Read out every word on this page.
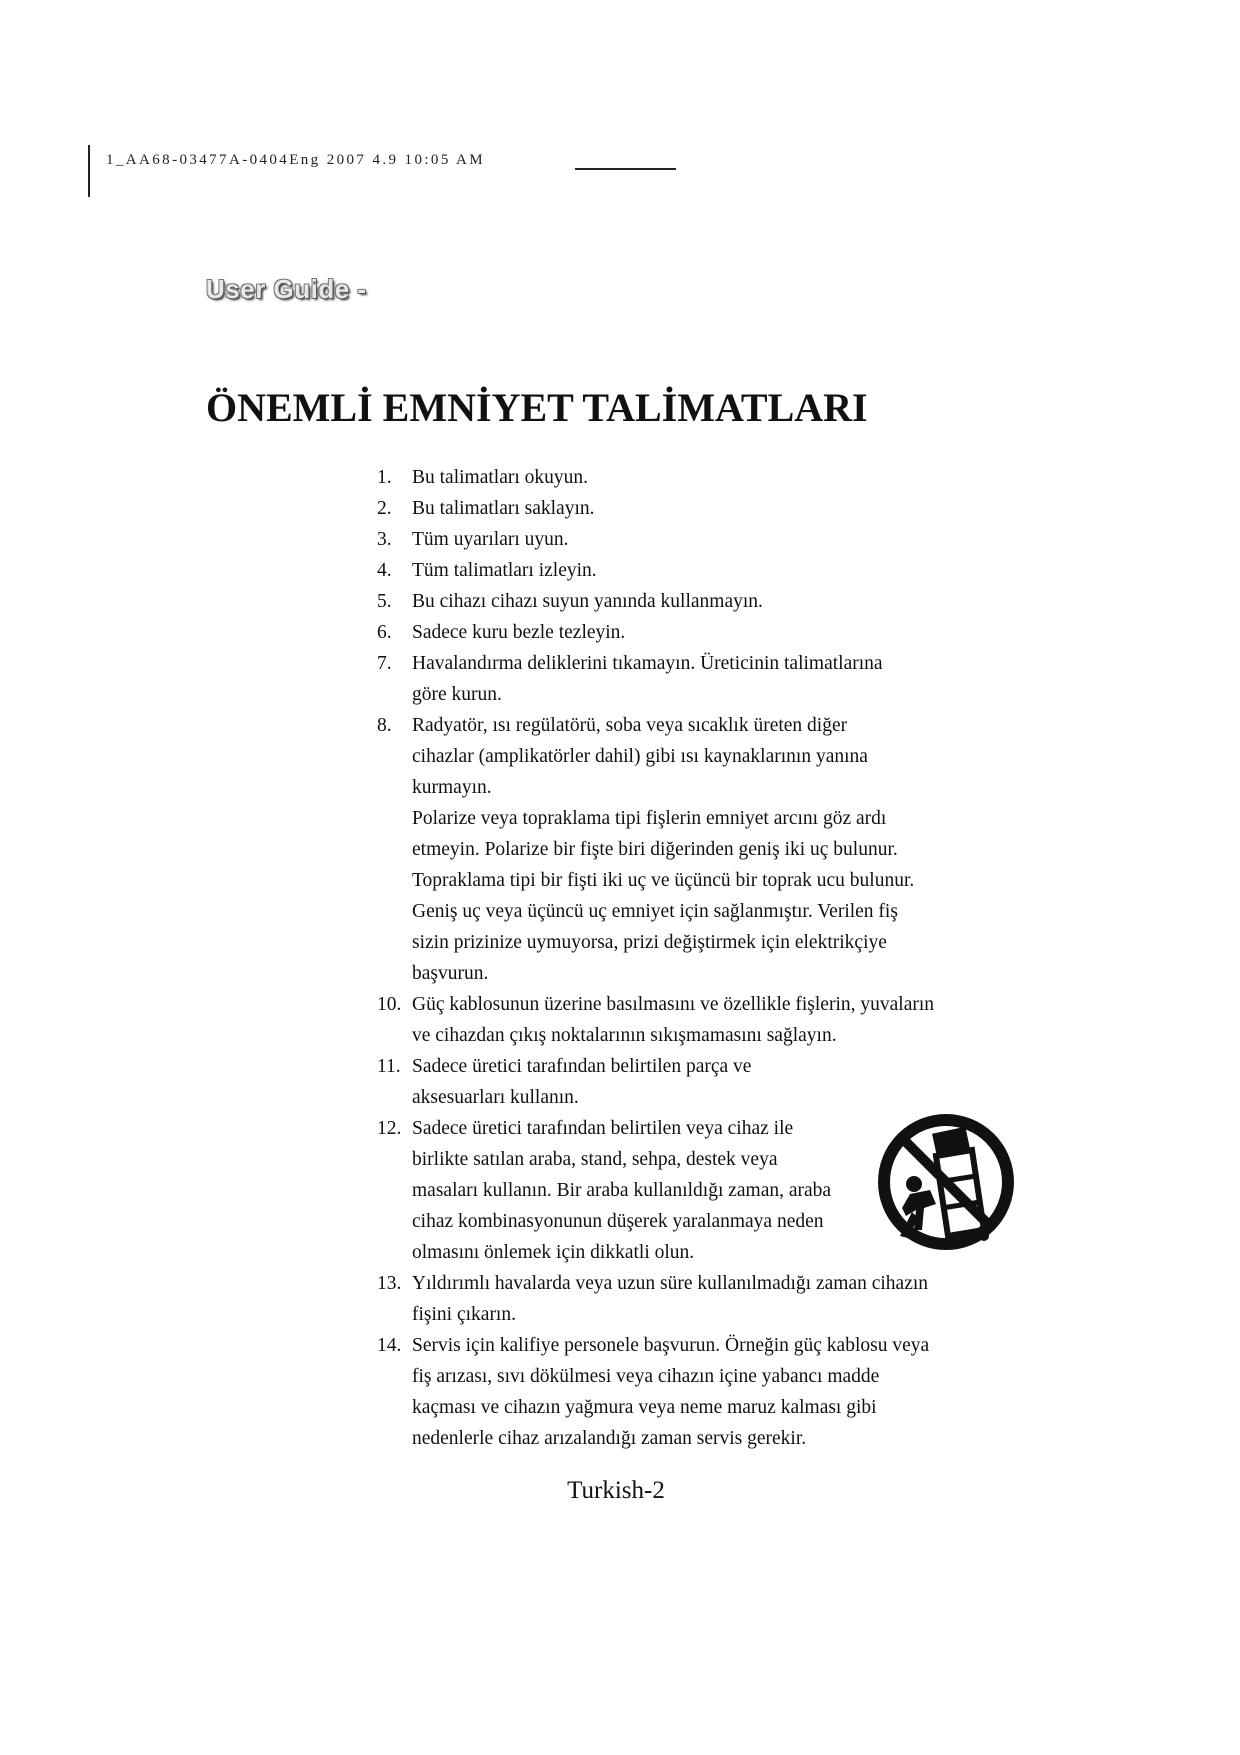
1_AA68-03477A-0404Eng 2007 4.9 10:05 AM
User Guide -
ÖNEMLİ EMNİYET TALİMATLARI
1.	Bu talimatları okuyun.
2.	Bu talimatları saklayın.
3.	Tüm uyarıları uyun.
4.	Tüm talimatları izleyin.
5.	Bu cihazı cihazı suyun yanında kullanmayın.
6.	Sadece kuru bezle tezleyin.
7.	Havalandırma deliklerini tıkamayın. Üreticinin talimatlarına
göre kurun.
8.	Radyatör, ısı regülatörü, soba veya sıcaklık üreten diğer
cihazlar (amplikatörler dahil) gibi ısı kaynaklarının yanına
kurmayın.
Polarize veya topraklama tipi fişlerin emniyet arcını göz ardı
etmeyin. Polarize bir fişte biri diğerinden geniş iki uç bulunur.
Topraklama tipi bir fişti iki uç ve üçüncü bir toprak ucu bulunur.
Geniş uç veya üçüncü uç emniyet için sağlanmıştır. Verilen fiş
sizin prizinize uymuyorsa, prizi değiştirmek için elektrikçiye
başvurun.
10. Güç kablosunun üzerine basılmasını ve özellikle fişlerin, yuvaların
ve cihazdan çıkış noktalarının sıkışmamasını sağlayın.
11. Sadece üretici tarafından belirtilen parça ve
aksesuarları kullanın.
12. Sadece üretici tarafından belirtilen veya cihaz ile
birlikte satılan araba, stand, sehpa, destek veya
masaları kullanın. Bir araba kullanıldığı zaman, araba
cihaz kombinasyonunun düşerek yaralanmaya neden
olmasını önlemek için dikkatli olun.
13. Yıldırımlı havalarda veya uzun süre kullanılmadığı zaman cihazın
fişini çıkarın.
14. Servis için kalifiye personele başvurun. Örneğin güç kablosu veya
fiş arızası, sıvı dökülmesi veya cihazın içine yabancı madde
kaçması ve cihazın yağmura veya neme maruz kalması gibi
nedenlerle cihaz arızalandığı zaman servis gerekir.
Turkish-2
